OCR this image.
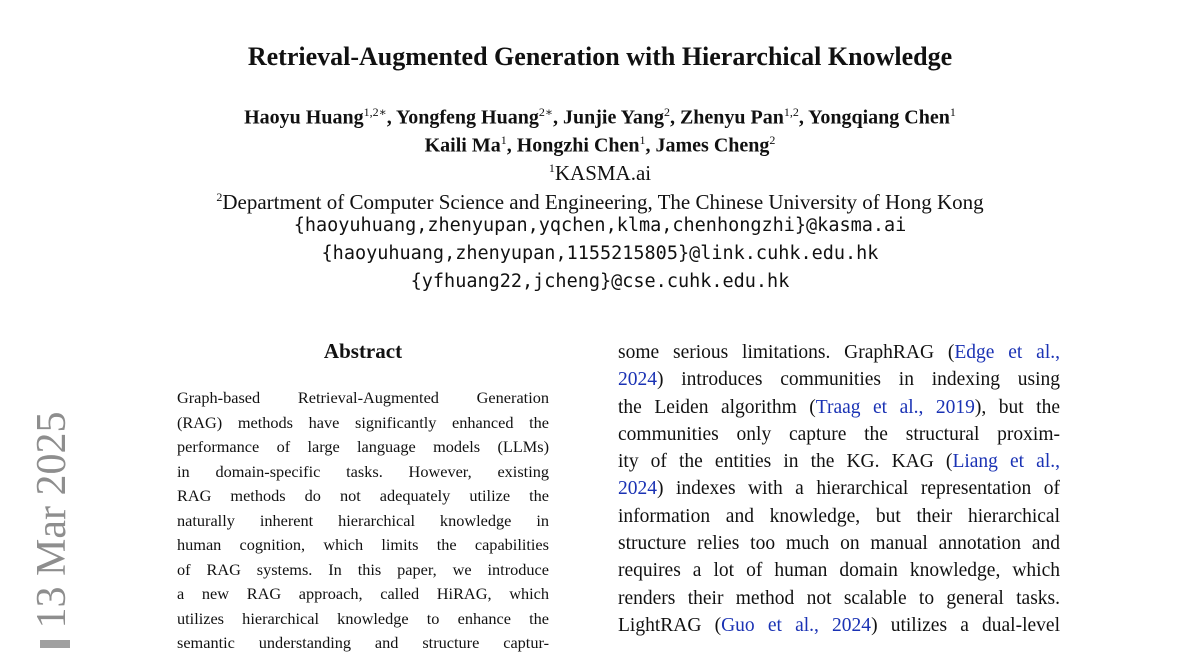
Retrieval-Augmented Generation with Hierarchical Knowledge
Haoyu Huang$^{1,2∗}$, Yongfeng Huang$^{2∗}$, Junjie Yang$^2$, Zhenyu Pan$^{1,2}$, Yongqiang Chen$^1$
Kaili Ma$^1$, Hongzhi Chen$^1$, James Cheng$^2$
$^1$KASMA.ai
$^2$Department of Computer Science and Engineering, The Chinese University of Hong Kong
{haoyuhuang,zhenyupan,yqchen,klma,chenhongzhi}@kasma.ai
{haoyuhuang,zhenyupan,1155215805}@link.cuhk.edu.hk
{yfhuang22,jcheng}@cse.cuhk.edu.hk
Abstract
Graph-based Retrieval-Augmented Generation
(RAG) methods have significantly enhanced the
performance of large language models (LLMs)
in domain-specific tasks. However, existing
RAG methods do not adequately utilize the
naturally inherent hierarchical knowledge in
human cognition, which limits the capabilities
of RAG systems. In this paper, we introduce
a new RAG approach, called HiRAG, which
utilizes hierarchical knowledge to enhance the
semantic understanding and structure captur-
some serious limitations. GraphRAG (Edge et al.,
2024) introduces communities in indexing using
the Leiden algorithm (Traag et al., 2019), but the
communities only capture the structural proxim-
ity of the entities in the KG. KAG (Liang et al.,
2024) indexes with a hierarchical representation of
information and knowledge, but their hierarchical
structure relies too much on manual annotation and
requires a lot of human domain knowledge, which
renders their method not scalable to general tasks.
LightRAG (Guo et al., 2024) utilizes a dual-level
13 Mar 2025
